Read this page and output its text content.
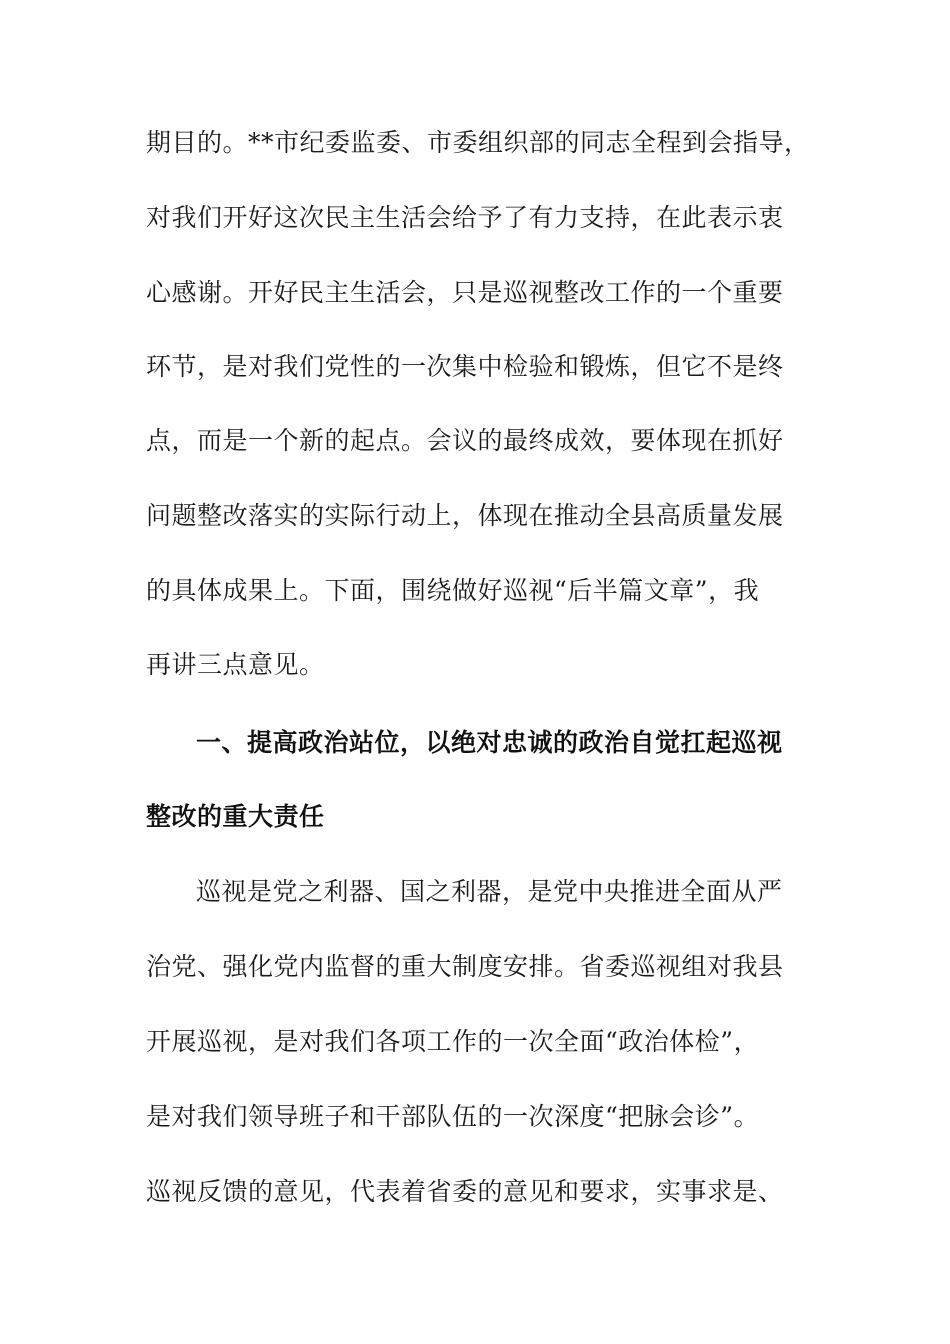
期目的。**市纪委监委、市委组织部的同志全程到会指导，
对我们开好这次民主生活会给予了有力支持，在此表示衷
心感谢。开好民主生活会，只是巡视整改工作的一个重要
环节，是对我们党性的一次集中检验和锻炼，但它不是终
点，而是一个新的起点。会议的最终成效，要体现在抓好
问题整改落实的实际行动上，体现在推动全县高质量发展
的具体成果上。下面，围绕做好巡视“后半篇文章”，我
再讲三点意见。
一、提高政治站位，以绝对忠诚的政治自觉扛起巡视
整改的重大责任
巡视是党之利器、国之利器，是党中央推进全面从严
治党、强化党内监督的重大制度安排。省委巡视组对我县
开展巡视，是对我们各项工作的一次全面“政治体检”，
是对我们领导班子和干部队伍的一次深度“把脉会诊”。
巡视反馈的意见，代表着省委的意见和要求，实事求是、
